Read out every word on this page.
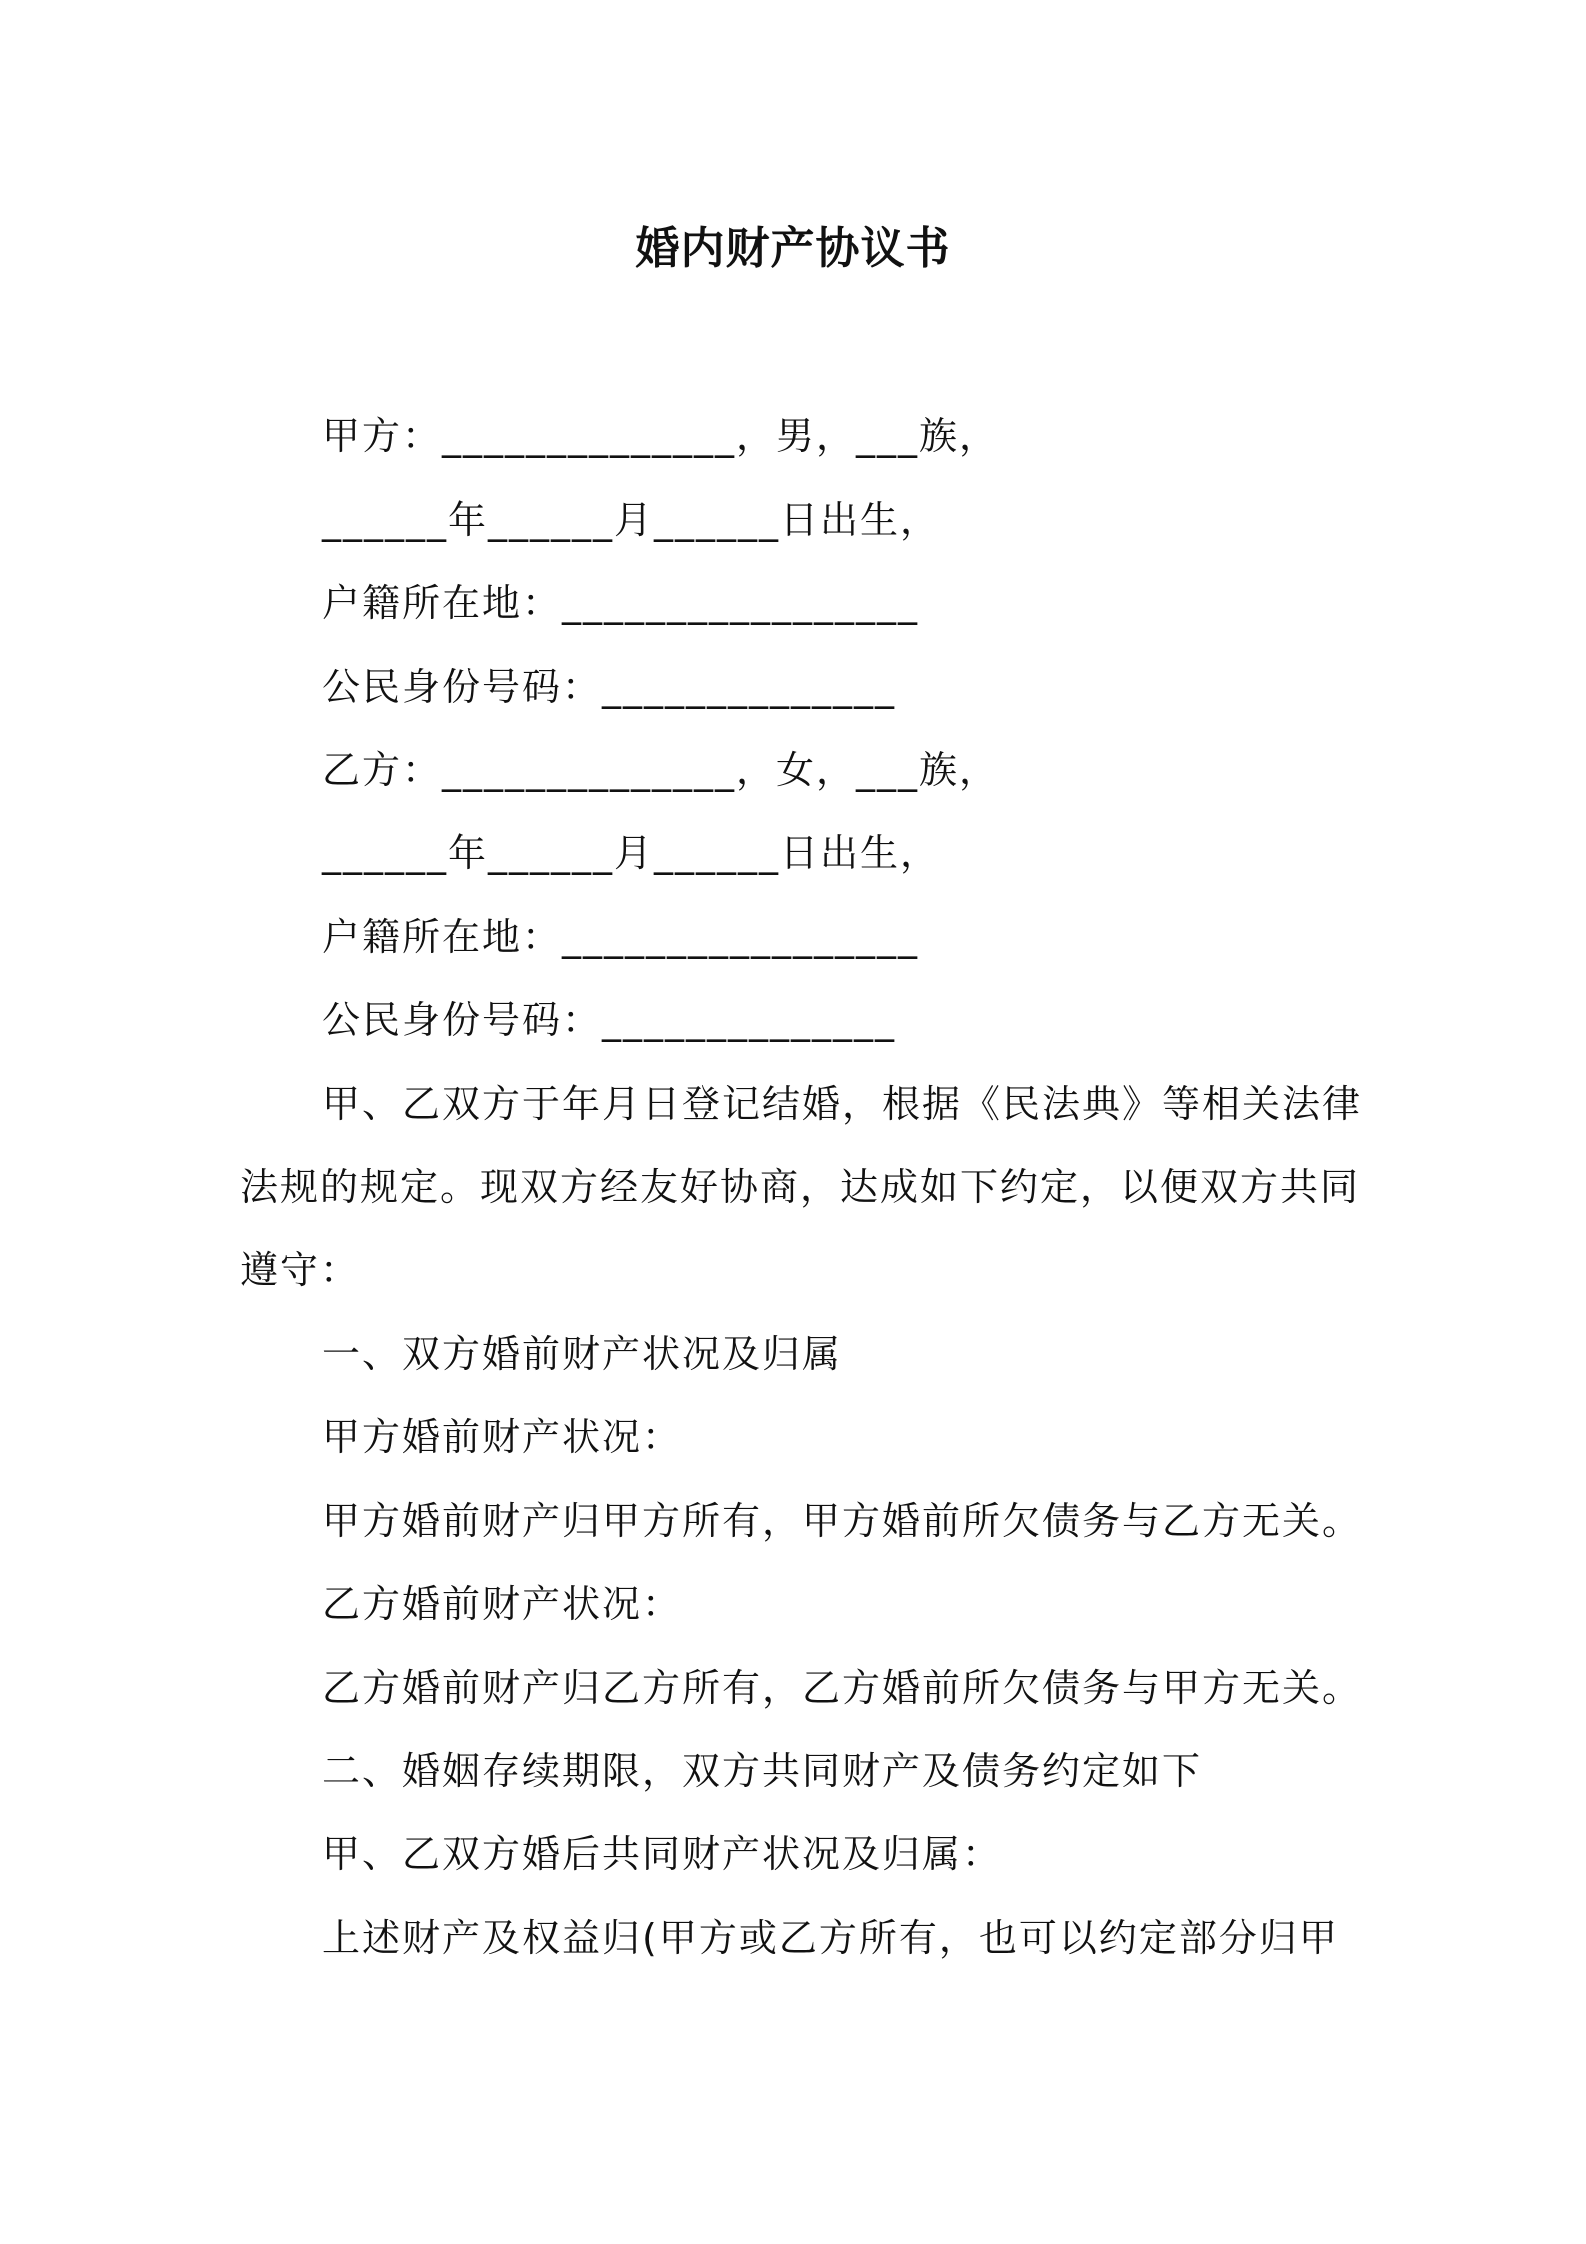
婚内财产协议书

甲方：______________，男，___族，

______年______月______日出生，

户籍所在地：_________________

公民身份号码：______________

乙方：______________，女，___族，

______年______月______日出生，

户籍所在地：_________________

公民身份号码：______________

甲、乙双方于年月日登记结婚，根据《民法典》等相关法律

法规的规定。现双方经友好协商，达成如下约定，以便双方共同

遵守：

一、双方婚前财产状况及归属

甲方婚前财产状况：

甲方婚前财产归甲方所有，甲方婚前所欠债务与乙方无关。

乙方婚前财产状况：

乙方婚前财产归乙方所有，乙方婚前所欠债务与甲方无关。

二、婚姻存续期限，双方共同财产及债务约定如下

甲、乙双方婚后共同财产状况及归属：

上述财产及权益归(甲方或乙方所有，也可以约定部分归甲
